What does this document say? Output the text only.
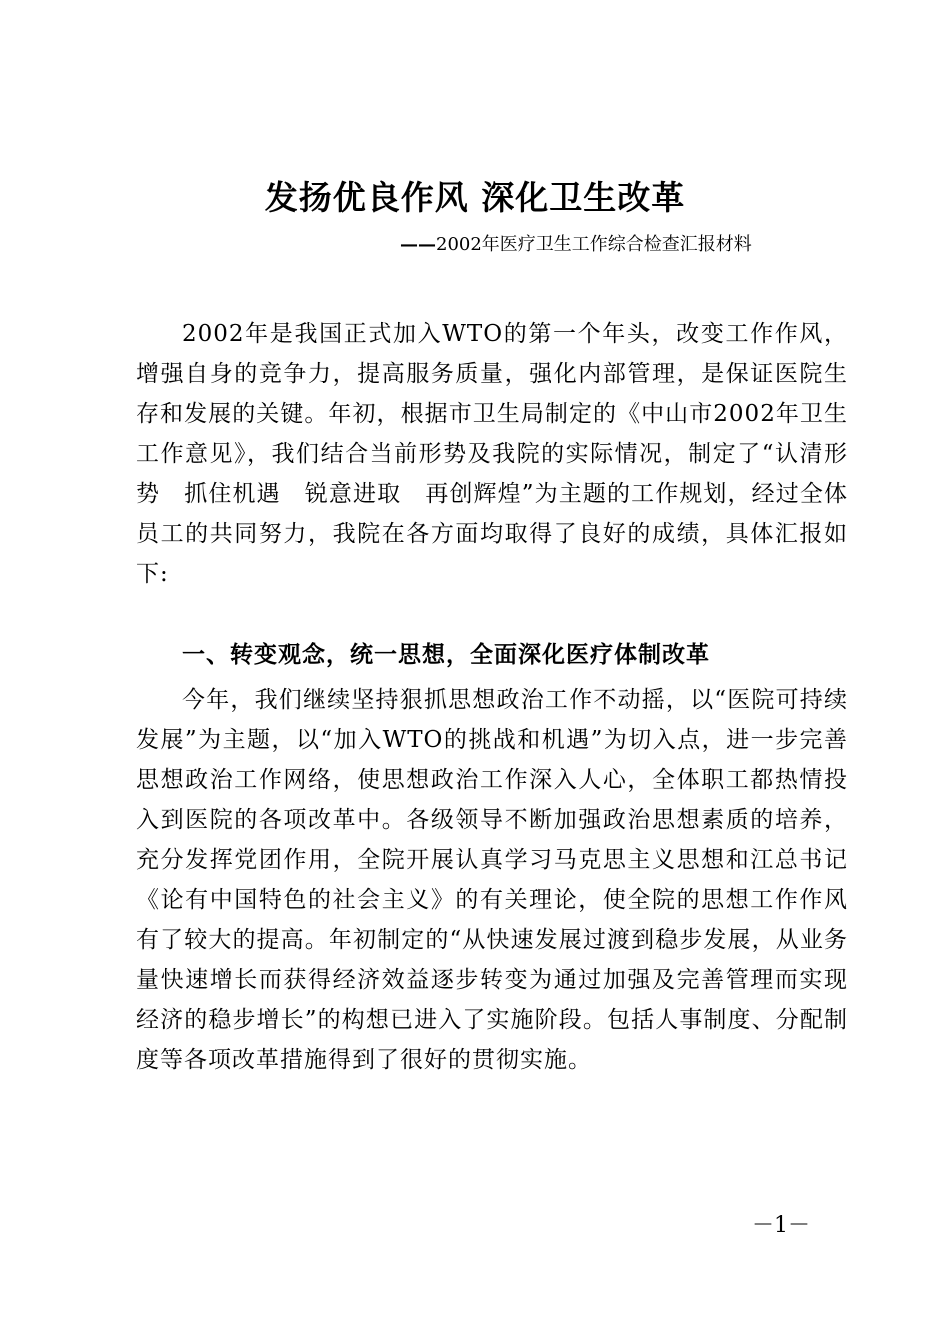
发扬优良作风 深化卫生改革

——2002年医疗卫生工作综合检查汇报材料

2002年是我国正式加入WTO的第一个年头，改变工作作风，增强自身的竞争力，提高服务质量，强化内部管理，是保证医院生存和发展的关键。年初，根据市卫生局制定的《中山市2002年卫生工作意见》，我们结合当前形势及我院的实际情况，制定了“认清形势　抓住机遇　锐意进取　再创辉煌”为主题的工作规划，经过全体员工的共同努力，我院在各方面均取得了良好的成绩，具体汇报如下:

一、转变观念，统一思想，全面深化医疗体制改革

今年，我们继续坚持狠抓思想政治工作不动摇，以“医院可持续发展”为主题，以“加入WTO的挑战和机遇”为切入点，进一步完善思想政治工作网络，使思想政治工作深入人心，全体职工都热情投入到医院的各项改革中。各级领导不断加强政治思想素质的培养，充分发挥党团作用，全院开展认真学习马克思主义思想和江总书记《论有中国特色的社会主义》的有关理论，使全院的思想工作作风有了较大的提高。年初制定的“从快速发展过渡到稳步发展，从业务量快速增长而获得经济效益逐步转变为通过加强及完善管理而实现经济的稳步增长”的构想已进入了实施阶段。包括人事制度、分配制度等各项改革措施得到了很好的贯彻实施。

－1－
